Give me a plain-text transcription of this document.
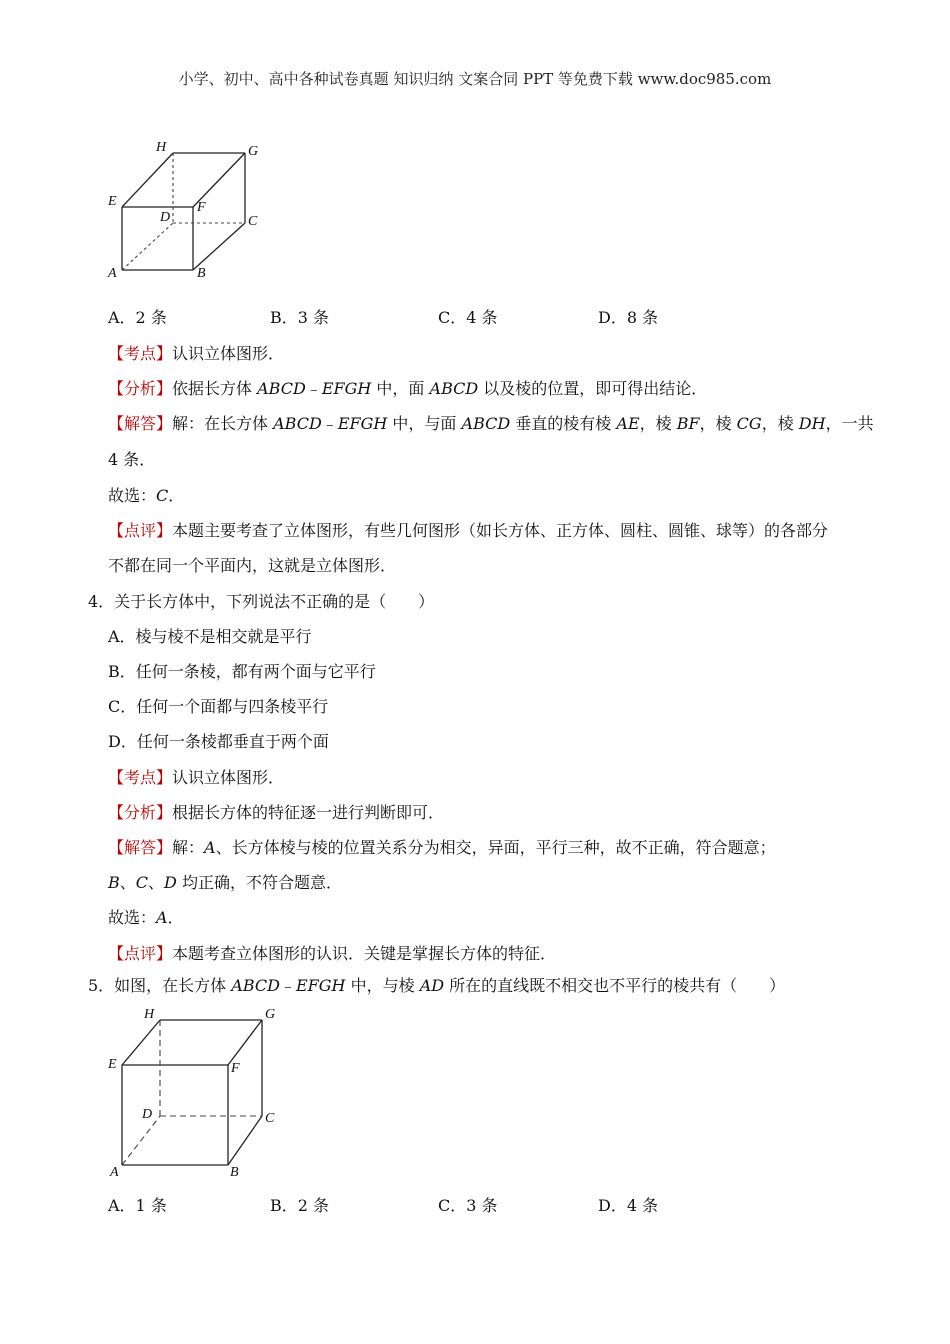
小学、初中、高中各种试卷真题 知识归纳 文案合同 PPT 等免费下载 www.doc985.com
H	G
E
D
F
C
A	B
A．2 条	B．3 条	C．4 条	D．8 条
【考点】认识立体图形．
【分析】依据长方体 ABCD﹣EFGH 中，面 ABCD 以及棱的位置，即可得出结论．
【解答】解：在长方体 ABCD﹣EFGH 中，与面 ABCD 垂直的棱有棱 AE，棱 BF，棱 CG，棱 DH，一共
4 条．
故选：C．
【点评】本题主要考查了立体图形，有些几何图形（如长方体、正方体、圆柱、圆锥、球等）的各部分
不都在同一个平面内，这就是立体图形．
4．关于长方体中，下列说法不正确的是（　　）
A．棱与棱不是相交就是平行
B．任何一条棱，都有两个面与它平行
C．任何一个面都与四条棱平行
D．任何一条棱都垂直于两个面
【考点】认识立体图形．
【分析】根据长方体的特征逐一进行判断即可．
【解答】解：A、长方体棱与棱的位置关系分为相交，异面，平行三种，故不正确，符合题意；
B、C、D 均正确，不符合题意．
故选：A．
【点评】本题考查立体图形的认识．关键是掌握长方体的特征．
5．如图，在长方体 ABCD﹣EFGH 中，与棱 AD 所在的直线既不相交也不平行的棱共有（　　）
H	G
E
D
F
C
A	B
A．1 条	B．2 条	C．3 条	D．4 条
